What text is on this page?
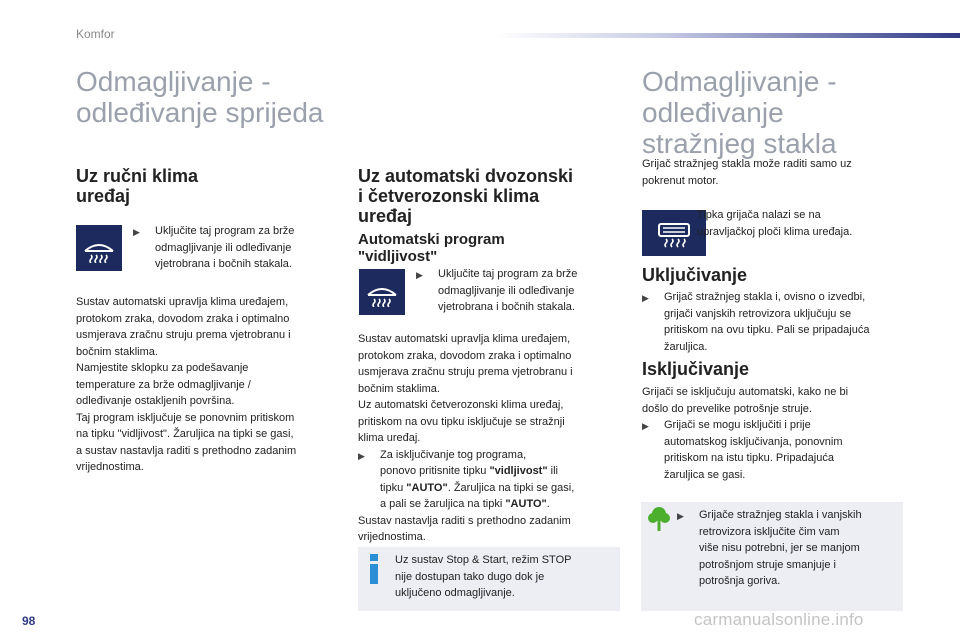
Komfor
Odmagljivanje -
odleđivanje sprijeda
Uz ručni klima
uređaj
▶	Uključite taj program za brže
odmagljivanje ili odleđivanje
vjetrobrana i bočnih stakala.
Sustav automatski upravlja klima uređajem,
protokom zraka, dovodom zraka i optimalno
usmjerava zračnu struju prema vjetrobranu i
bočnim staklima.
Namjestite sklopku za podešavanje
temperature za brže odmagljivanje /
odleđivanje ostakljenih površina.
Taj program isključuje se ponovnim pritiskom
na tipku "vidljivost". Žaruljica na tipki se gasi,
a sustav nastavlja raditi s prethodno zadanim
vrijednostima.
Uz automatski dvozonski
i četverozonski klima
uređaj
Automatski program
"vidljivost"
▶	Uključite taj program za brže
odmagljivanje ili odleđivanje
vjetrobrana i bočnih stakala.
Sustav automatski upravlja klima uređajem,
protokom zraka, dovodom zraka i optimalno
usmjerava zračnu struju prema vjetrobranu i
bočnim staklima.
Uz automatski četverozonski klima uređaj,
pritiskom na ovu tipku isključuje se stražnji
klima uređaj.
▶	Za isključivanje tog programa,
ponovo pritisnite tipku "vidljivost" ili
tipku "AUTO". Žaruljica na tipki se gasi,
a pali se žaruljica na tipki "AUTO".
Sustav nastavlja raditi s prethodno zadanim
vrijednostima.
Uz sustav Stop & Start, režim STOP
nije dostupan tako dugo dok je
uključeno odmagljivanje.
Odmagljivanje -
odleđivanje
stražnjeg stakla
Grijač stražnjeg stakla može raditi samo uz
pokrenut motor.
Tipka grijača nalazi se na
upravljačkoj ploči klima uređaja.
Uključivanje
▶	Grijač stražnjeg stakla i, ovisno o izvedbi,
grijači vanjskih retrovizora uključuju se
pritiskom na ovu tipku. Pali se pripadajuća
žaruljica.
Isključivanje
Grijači se isključuju automatski, kako ne bi
došlo do prevelike potrošnje struje.
▶	Grijači se mogu isključiti i prije
automatskog isključivanja, ponovnim
pritiskom na istu tipku. Pripadajuća
žaruljica se gasi.
▶	Grijače stražnjeg stakla i vanjskih
retrovizora isključite čim vam
više nisu potrebni, jer se manjom
potrošnjom struje smanjuje i
potrošnja goriva.
98	carmanualsonline.info
